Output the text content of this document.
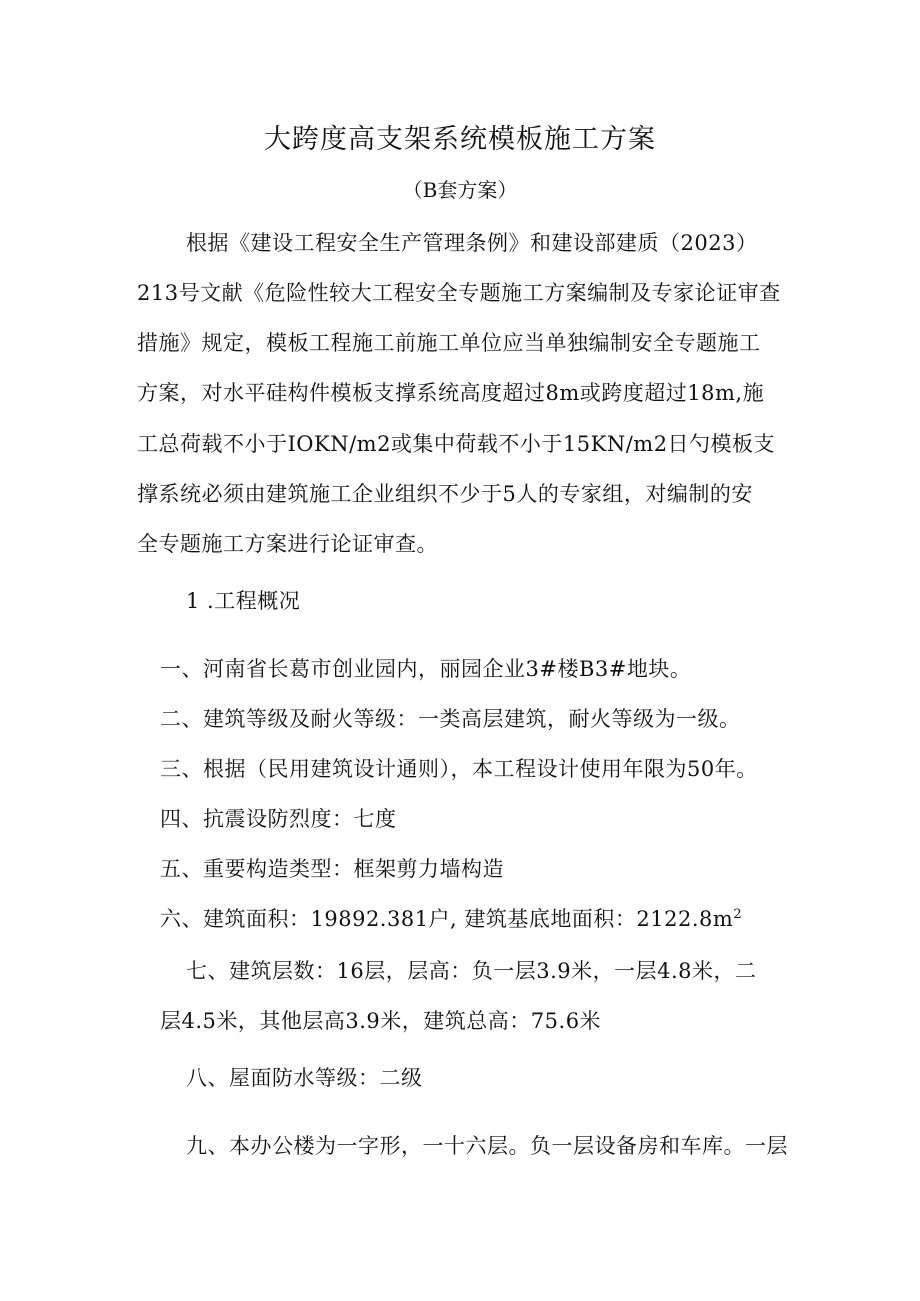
大跨度高支架系统模板施工方案
（B套方案）
根据《建设工程安全生产管理条例》和建设部建质（2023）
213号文献《危险性较大工程安全专题施工方案编制及专家论证审查
措施》规定，模板工程施工前施工单位应当单独编制安全专题施工
方案，对水平硅构件模板支撑系统高度超过8m或跨度超过18m,施
工总荷载不小于IOKN/m2或集中荷载不小于15KN∕m2日勺模板支
撑系统必须由建筑施工企业组织不少于5人的专家组，对编制的安
全专题施工方案进行论证审查。
1 .工程概况
一、河南省长葛市创业园内，丽园企业3#楼B3#地块。
二、建筑等级及耐火等级：一类高层建筑，耐火等级为一级。
三、根据（民用建筑设计通则），本工程设计使用年限为50年。
四、抗震设防烈度：七度
五、重要构造类型：框架剪力墙构造
六、建筑面积：19892.381户, 建筑基底地面积：$2122.8m^2$
七、建筑层数：16层，层高：负一层3.9米，一层4.8米，二
层4.5米，其他层高3.9米，建筑总高：75.6米
八、屋面防水等级：二级
九、本办公楼为一字形，一十六层。负一层设备房和车库。一层
